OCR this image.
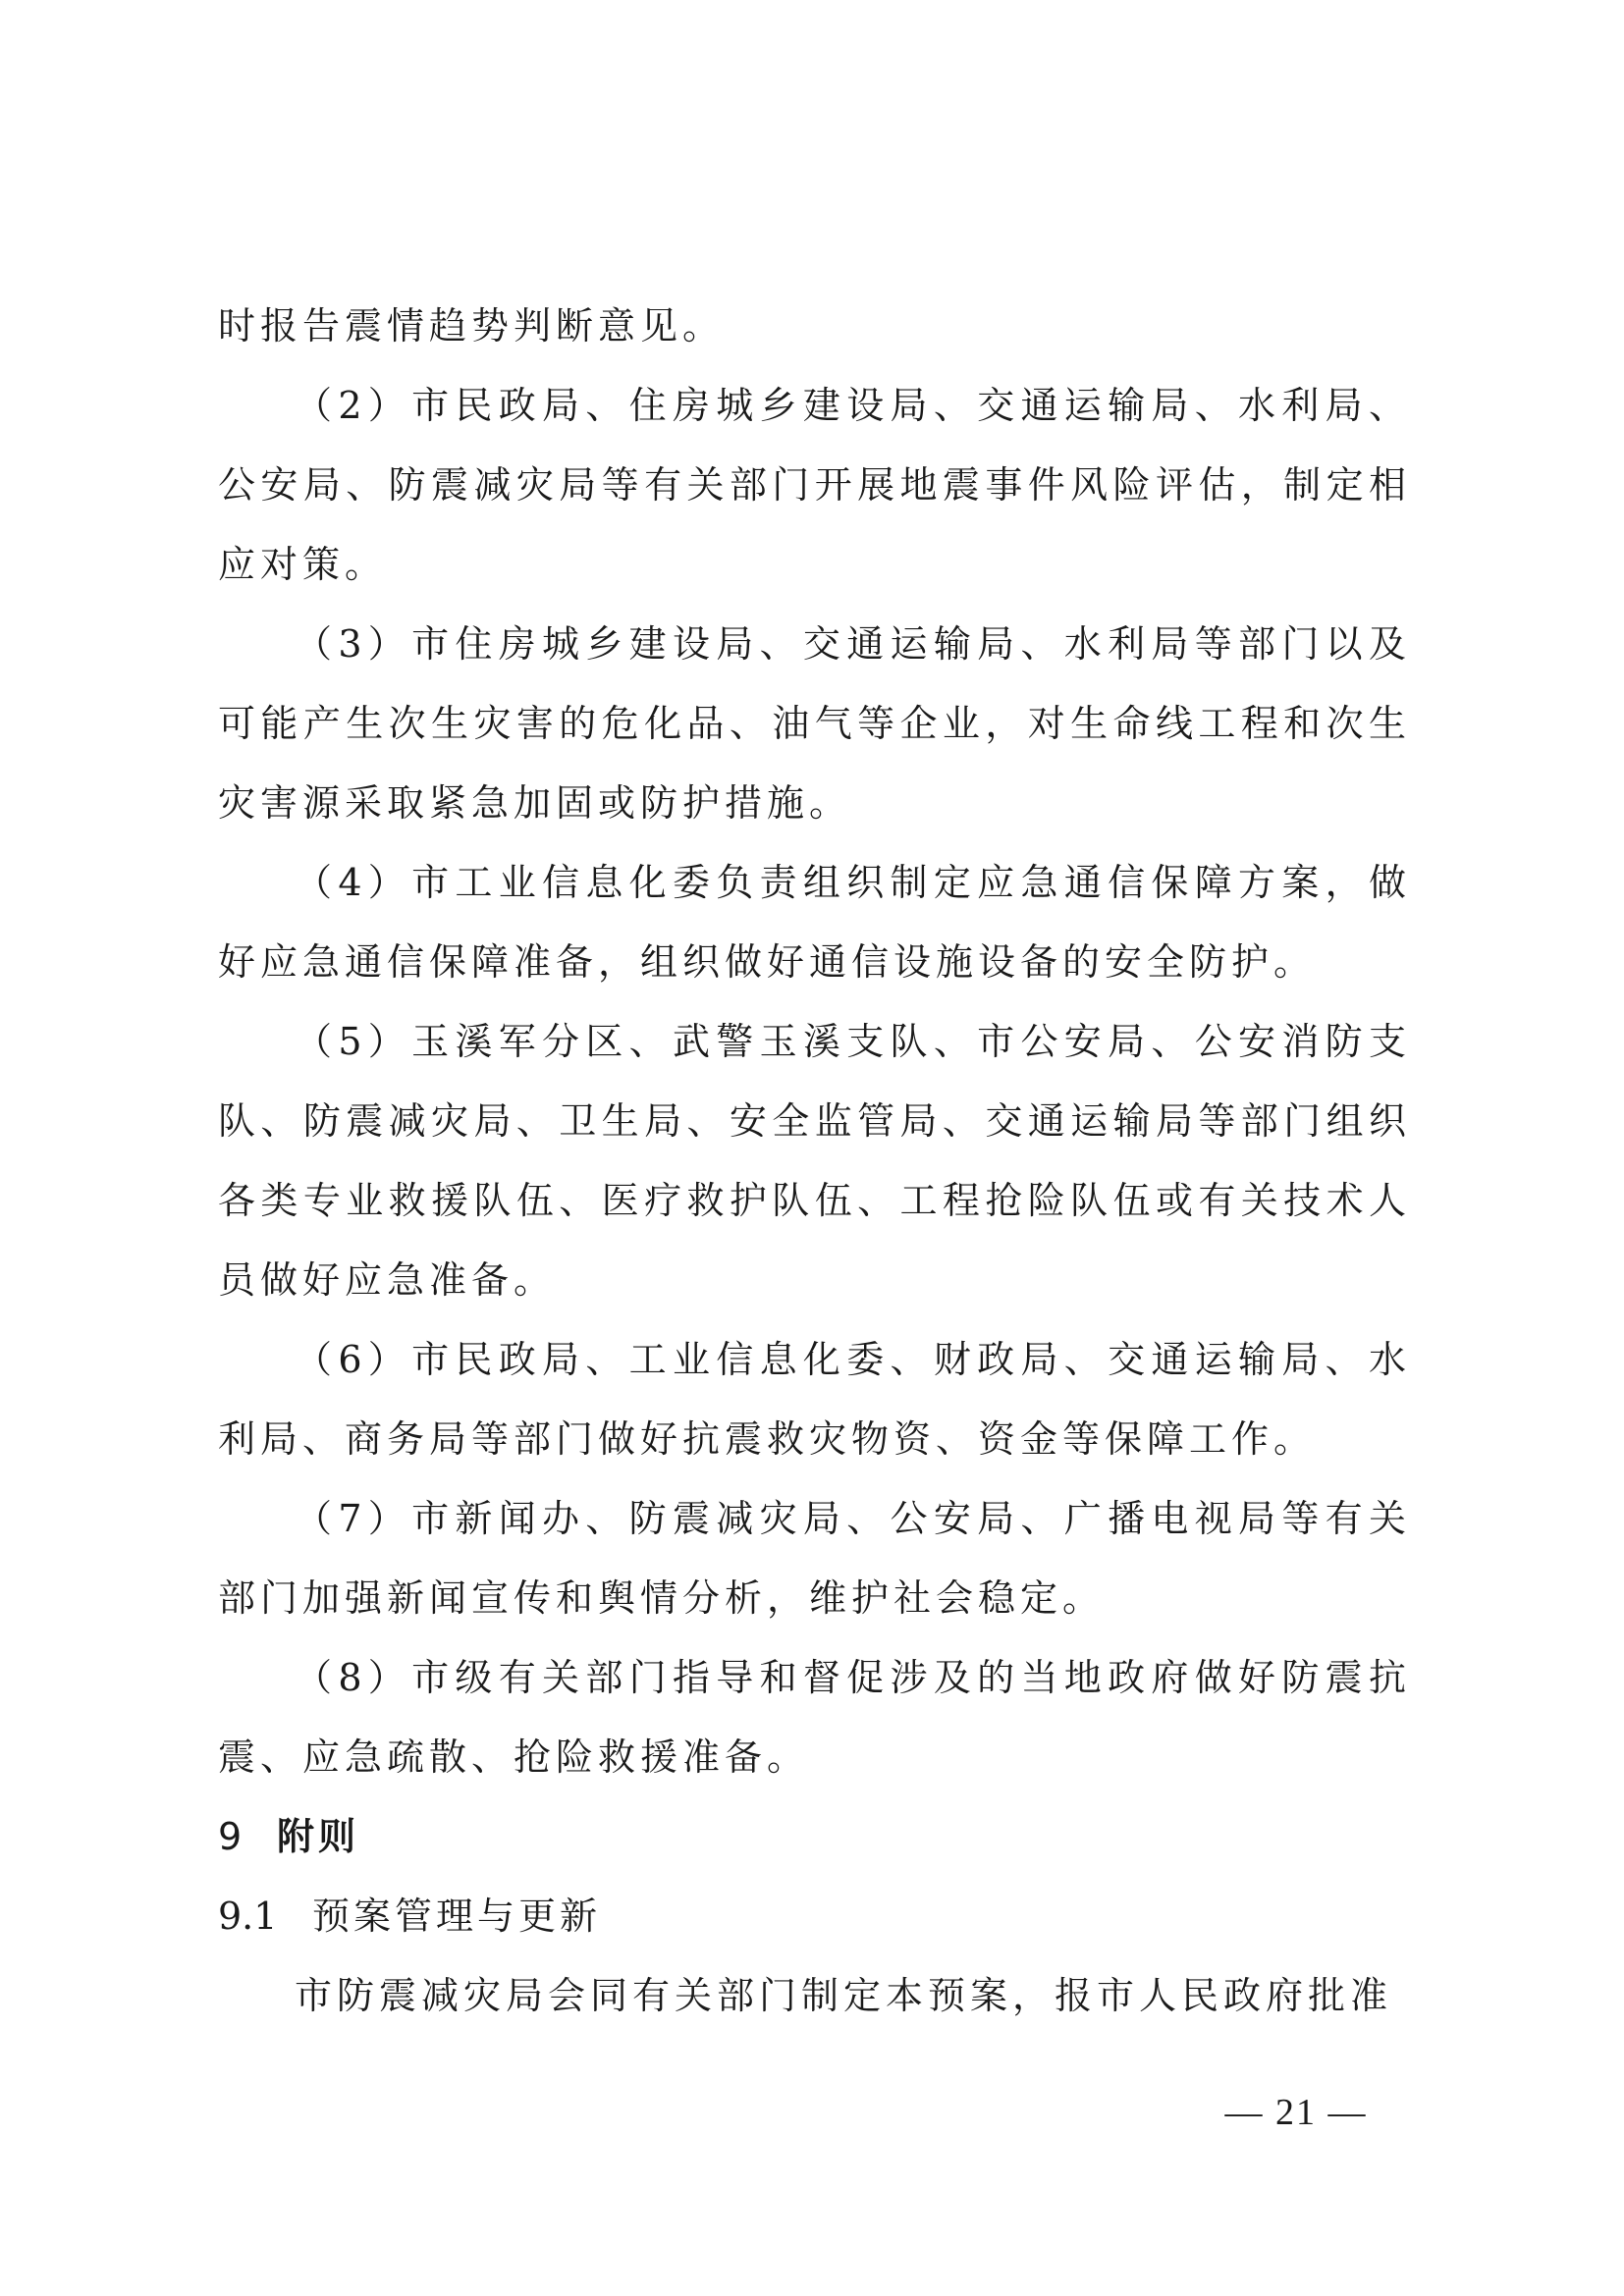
时报告震情趋势判断意见。

（2）市民政局、住房城乡建设局、交通运输局、水利局、公安局、防震减灾局等有关部门开展地震事件风险评估，制定相应对策。

（3）市住房城乡建设局、交通运输局、水利局等部门以及可能产生次生灾害的危化品、油气等企业，对生命线工程和次生灾害源采取紧急加固或防护措施。

（4）市工业信息化委负责组织制定应急通信保障方案，做好应急通信保障准备，组织做好通信设施设备的安全防护。

（5）玉溪军分区、武警玉溪支队、市公安局、公安消防支队、防震减灾局、卫生局、安全监管局、交通运输局等部门组织各类专业救援队伍、医疗救护队伍、工程抢险队伍或有关技术人员做好应急准备。

（6）市民政局、工业信息化委、财政局、交通运输局、水利局、商务局等部门做好抗震救灾物资、资金等保障工作。

（7）市新闻办、防震减灾局、公安局、广播电视局等有关部门加强新闻宣传和舆情分析，维护社会稳定。

（8）市级有关部门指导和督促涉及的当地政府做好防震抗震、应急疏散、抢险救援准备。

9 附则

9.1 预案管理与更新

市防震减灾局会同有关部门制定本预案，报市人民政府批准

— 21 —
